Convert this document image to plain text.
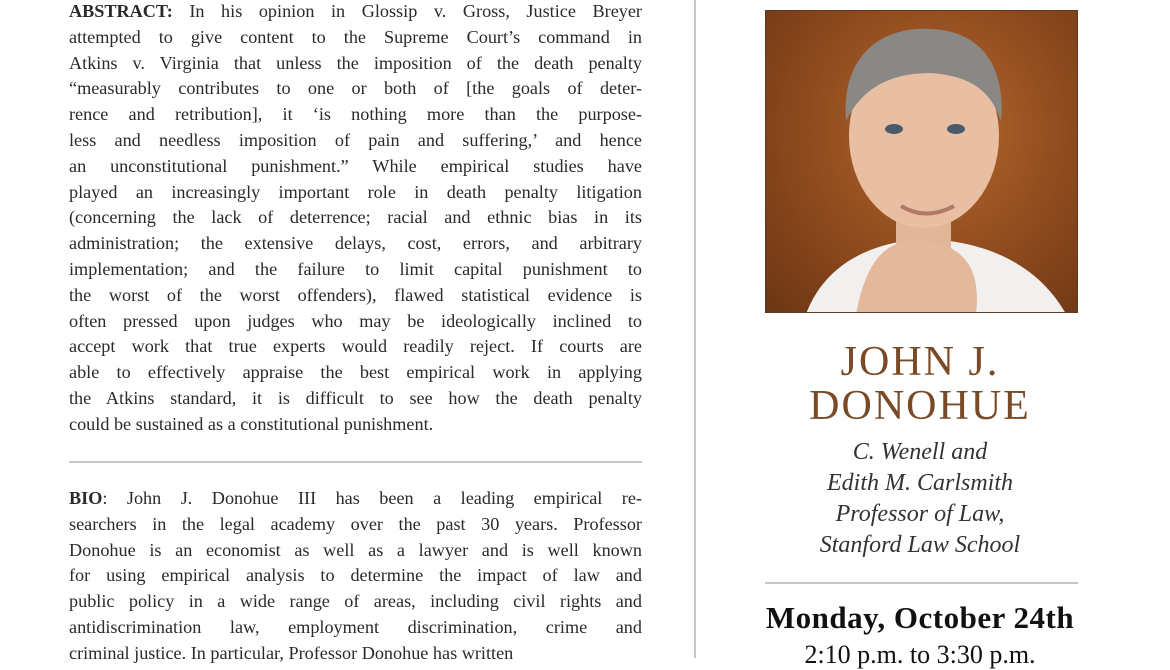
ABSTRACT: In his opinion in Glossip v. Gross, Justice Breyer
attempted to give content to the Supreme Court’s command in
Atkins v. Virginia that unless the imposition of the death penalty
“measurably contributes to one or both of [the goals of deter-
rence and retribution], it ‘is nothing more than the purpose-
less and needless imposition of pain and suffering,’ and hence
an unconstitutional punishment.” While empirical studies have
played an increasingly important role in death penalty litigation
(concerning the lack of deterrence; racial and ethnic bias in its
administration; the extensive delays, cost, errors, and arbitrary
implementation; and the failure to limit capital punishment to
the worst of the worst offenders), flawed statistical evidence is
often pressed upon judges who may be ideologically inclined to
accept work that true experts would readily reject. If courts are
able to effectively appraise the best empirical work in applying
the Atkins standard, it is difficult to see how the death penalty
could be sustained as a constitutional punishment.
BIO: John J. Donohue III has been a leading empirical re-
searchers in the legal academy over the past 30 years. Professor
Donohue is an economist as well as a lawyer and is well known
for using empirical analysis to determine the impact of law and
public policy in a wide range of areas, including civil rights and
antidiscrimination law, employment discrimination, crime and
criminal justice. In particular, Professor Donohue has written
JOHN J.
DONOHUE
C. Wenell and
Edith M. Carlsmith
Professor of Law,
Stanford Law School
Monday, October 24th
2:10 p.m. to 3:30 p.m.
